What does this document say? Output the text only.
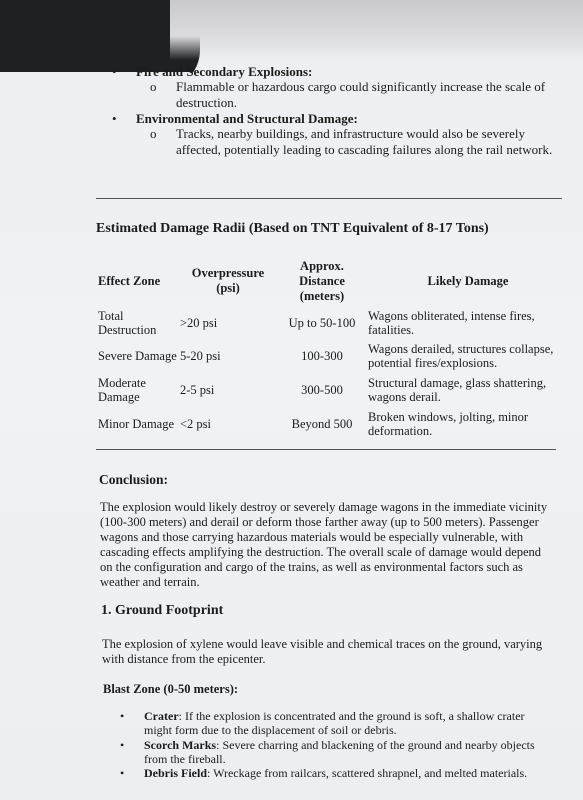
• Fire and Secondary Explosions:
o Flammable or hazardous cargo could significantly increase the scale of destruction.
• Environmental and Structural Damage:
o Tracks, nearby buildings, and infrastructure would also be severely affected, potentially leading to cascading failures along the rail network.
Estimated Damage Radii (Based on TNT Equivalent of 8-17 Tons)
Effect Zone	Overpressure (psi)	Approx. Distance (meters)	Likely Damage
Total Destruction	>20 psi	Up to 50-100	Wagons obliterated, intense fires, fatalities.
Severe Damage	5-20 psi	100-300	Wagons derailed, structures collapse, potential fires/explosions.
Moderate Damage	2-5 psi	300-500	Structural damage, glass shattering, wagons derail.
Minor Damage	<2 psi	Beyond 500	Broken windows, jolting, minor deformation.
Conclusion:
The explosion would likely destroy or severely damage wagons in the immediate vicinity (100-300 meters) and derail or deform those farther away (up to 500 meters). Passenger wagons and those carrying hazardous materials would be especially vulnerable, with cascading effects amplifying the destruction. The overall scale of damage would depend on the configuration and cargo of the trains, as well as environmental factors such as weather and terrain.
1. Ground Footprint
The explosion of xylene would leave visible and chemical traces on the ground, varying with distance from the epicenter.
Blast Zone (0-50 meters):
• Crater: If the explosion is concentrated and the ground is soft, a shallow crater might form due to the displacement of soil or debris.
• Scorch Marks: Severe charring and blackening of the ground and nearby objects from the fireball.
• Debris Field: Wreckage from railcars, scattered shrapnel, and melted materials.
